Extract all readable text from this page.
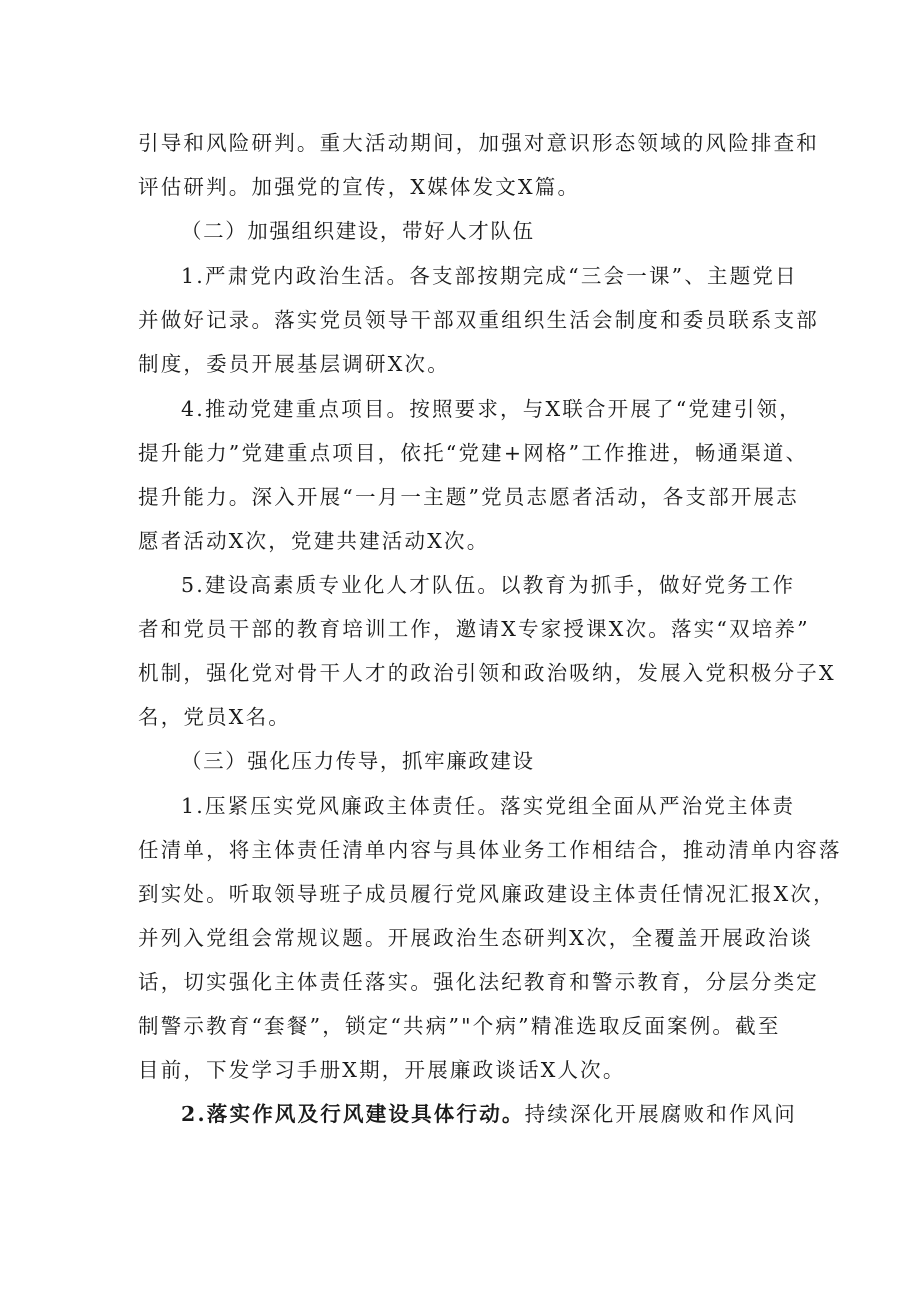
引导和风险研判。重大活动期间，加强对意识形态领域的风险排查和
评估研判。加强党的宣传，X媒体发文X篇。
（二）加强组织建设，带好人才队伍
1.严肃党内政治生活。各支部按期完成“三会一课”、主题党日
并做好记录。落实党员领导干部双重组织生活会制度和委员联系支部
制度，委员开展基层调研X次。
4.推动党建重点项目。按照要求，与X联合开展了“党建引领，
提升能力”党建重点项目，依托“党建+网格”工作推进，畅通渠道、
提升能力。深入开展“一月一主题”党员志愿者活动，各支部开展志
愿者活动X次，党建共建活动X次。
5.建设高素质专业化人才队伍。以教育为抓手，做好党务工作
者和党员干部的教育培训工作，邀请X专家授课X次。落实“双培养”
机制，强化党对骨干人才的政治引领和政治吸纳，发展入党积极分子X
名，党员X名。
（三）强化压力传导，抓牢廉政建设
1.压紧压实党风廉政主体责任。落实党组全面从严治党主体责
任清单，将主体责任清单内容与具体业务工作相结合，推动清单内容落
到实处。听取领导班子成员履行党风廉政建设主体责任情况汇报X次，
并列入党组会常规议题。开展政治生态研判X次，全覆盖开展政治谈
话，切实强化主体责任落实。强化法纪教育和警示教育，分层分类定
制警示教育“套餐”，锁定“共病”"个病”精准选取反面案例。截至
目前，下发学习手册X期，开展廉政谈话X人次。
2.落实作风及行风建设具体行动。持续深化开展腐败和作风问
